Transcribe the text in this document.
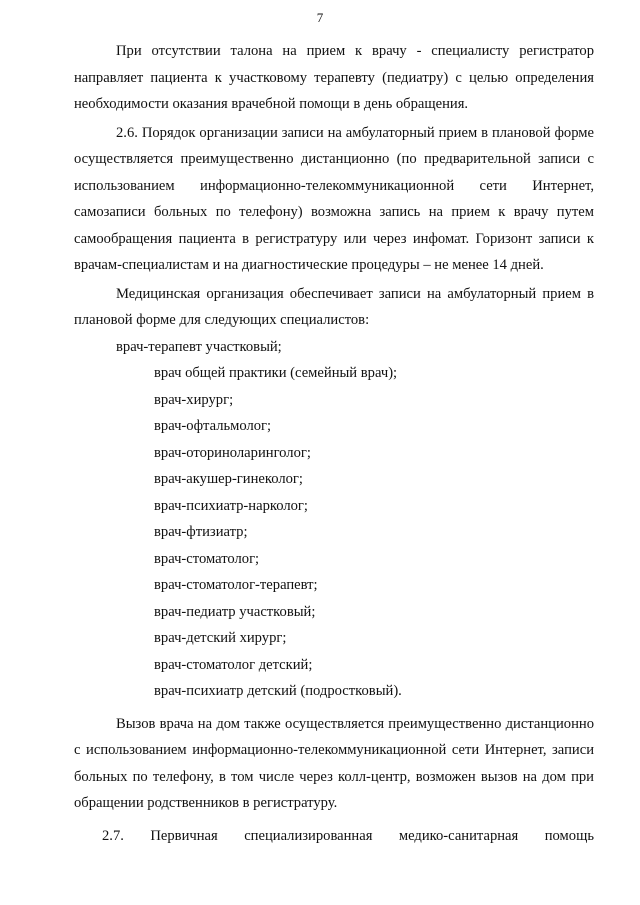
7

При отсутствии талона на прием к врачу - специалисту регистратор направляет пациента к участковому терапевту (педиатру) с целью определения необходимости оказания врачебной помощи в день обращения.

2.6. Порядок организации записи на амбулаторный прием в плановой форме осуществляется преимущественно дистанционно (по предварительной записи с использованием информационно-телекоммуникационной сети Интернет, самозаписи больных по телефону) возможна запись на прием к врачу путем самообращения пациента в регистратуру или через инфомат. Горизонт записи к врачам-специалистам и на диагностические процедуры – не менее 14 дней.

Медицинская организация обеспечивает записи на амбулаторный прием в плановой форме для следующих специалистов:

врач-терапевт участковый;

врач общей практики (семейный врач);

врач-хирург;

врач-офтальмолог;

врач-оториноларинголог;

врач-акушер-гинеколог;

врач-психиатр-нарколог;

врач-фтизиатр;

врач-стоматолог;

врач-стоматолог-терапевт;

врач-педиатр участковый;

врач-детский хирург;

врач-стоматолог детский;

врач-психиатр детский (подростковый).

Вызов врача на дом также осуществляется преимущественно дистанционно с использованием информационно-телекоммуникационной сети Интернет, записи больных по телефону, в том числе через колл-центр, возможен вызов на дом при обращении родственников в регистратуру.

2.7. Первичная специализированная медико-санитарная помощь
